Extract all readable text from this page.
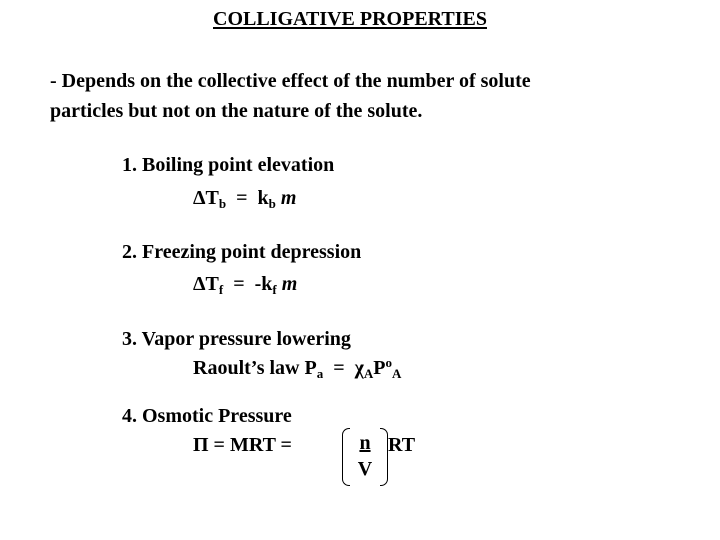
COLLIGATIVE PROPERTIES
- Depends on the collective effect of the number of solute
particles but not on the nature of the solute.
1. Boiling point elevation
$\Delta T_b = k_b$ m
2. Freezing point depression
$\Delta T_f = -k_f$ m
3. Vapor pressure lowering
Raoult’s law $P_a = \chi_AP^o_A$
4. Osmotic Pressure
Π = MRT =	$\frac{n}{V}$ RT
